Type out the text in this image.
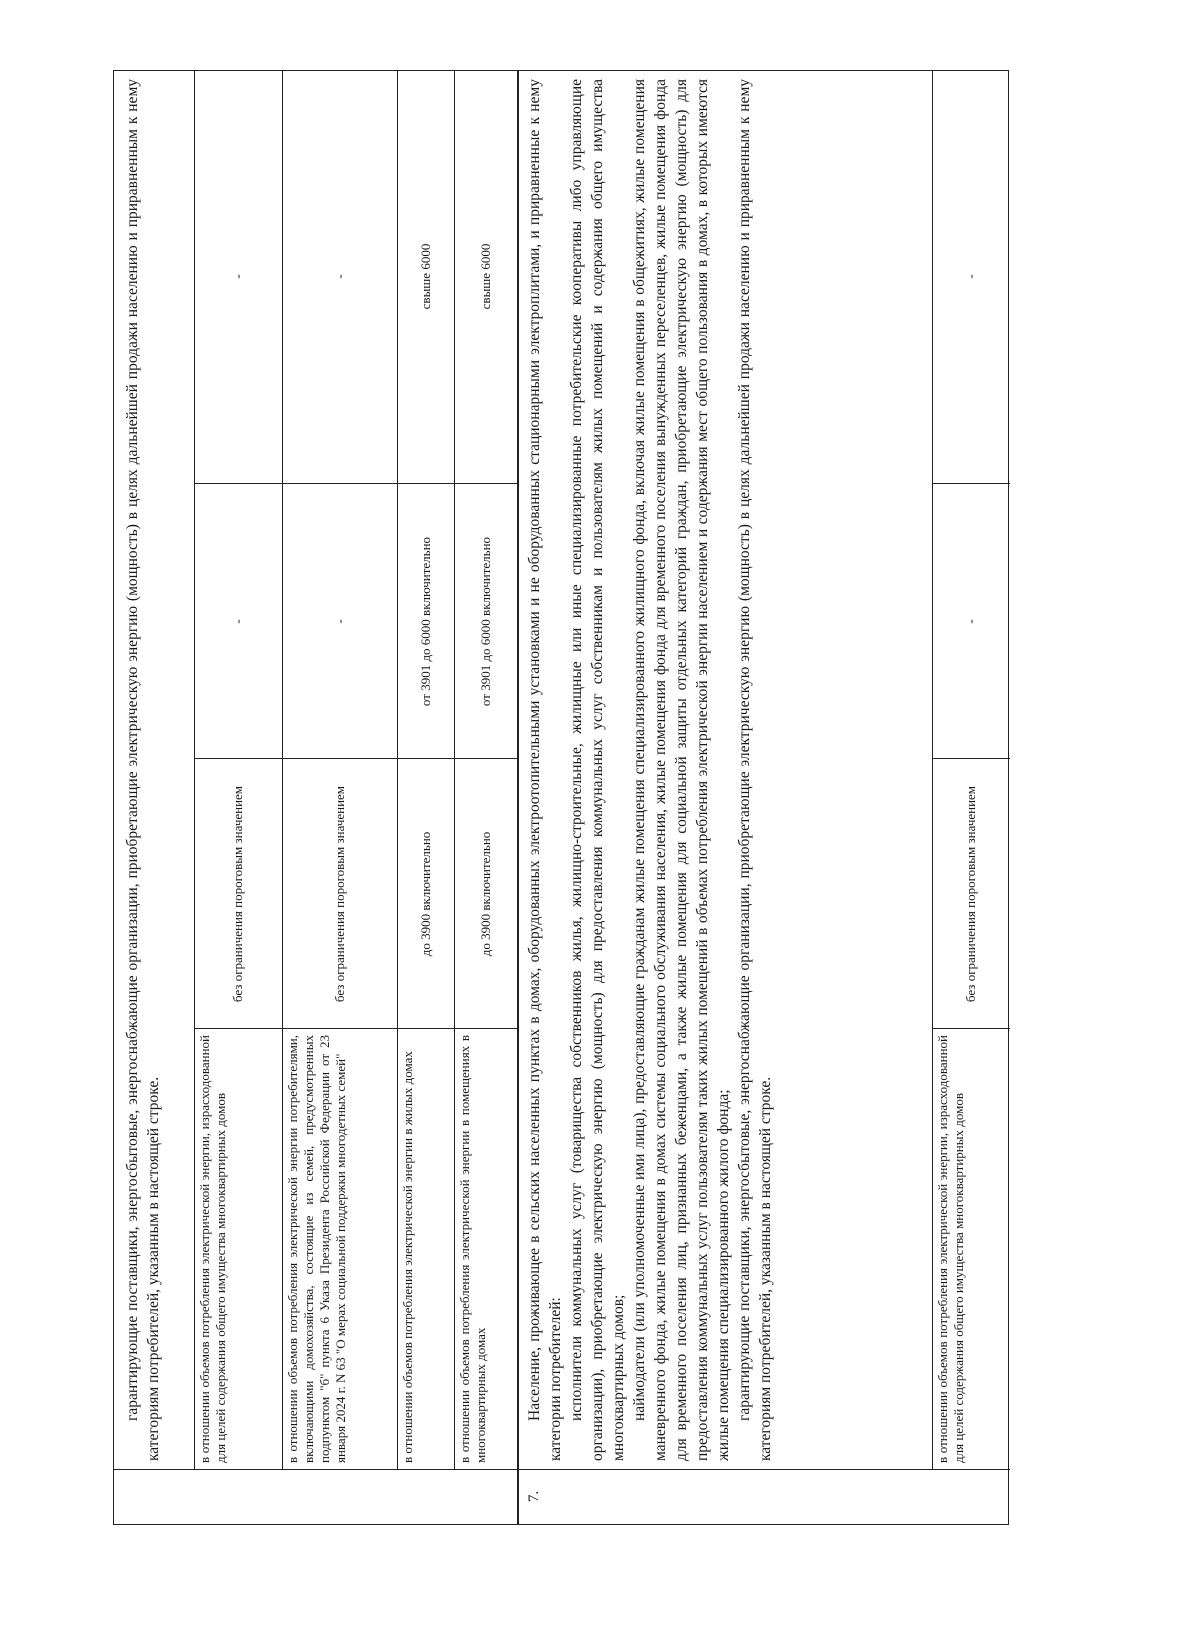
гарантирующие поставщики, энергосбытовые, энергоснабжающие организации, приобретающие электрическую энергию (мощность) в целях дальнейшей продажи населению и приравненным к нему категориям потребителей, указанным в настоящей строке.	в отношении объемов потребления электрической энергии, израсходованной для целей содержания общего имущества многоквартирных домов
без ограничения пороговым значением
-
-
в отношении объемов потребления электрической энергии потребителями, включающими домохозяйства, состоящие из семей, предусмотренных подпунктом "б" пункта 6 Указа Президента Российской Федерации от 23 января 2024 г. N 63 "О мерах социальной поддержки многодетных семей"
без ограничения пороговым значением
-
-
в отношении объемов потребления электрической энергии в жилых домах
до 3900 включительно
от 3901 до 6000 включительно
свыше 6000
в отношении объемов потребления электрической энергии в помещениях в многоквартирных домах
до 3900 включительно
от 3901 до 6000 включительно
свыше 6000
7.

Население, проживающее в сельских населенных пунктах в домах, оборудованных электроотопительными установками и не оборудованных стационарными электроплитами, и приравненные к нему категории потребителей: исполнители коммунальных услуг (товарищества собственников жилья, жилищно-строительные, жилищные или иные специализированные потребительские кооперативы либо управляющие организации), приобретающие электрическую энергию (мощность) для предоставления коммунальных услуг собственникам и пользователям жилых помещений и содержания общего имущества многоквартирных домов; наймодатели (или уполномоченные ими лица), предоставляющие гражданам жилые помещения специализированного жилищного фонда, включая жилые помещения в общежитиях, жилые помещения маневренного фонда, жилые помещения в домах системы социального обслуживания населения, жилые помещения фонда для временного поселения вынужденных переселенцев, жилые помещения фонда для временного поселения лиц, признанных беженцами, а также жилые помещения для социальной защиты отдельных категорий граждан, приобретающие электрическую энергию (мощность) для предоставления коммунальных услуг пользователям таких жилых помещений в объемах потребления электрической энергии населением и содержания мест общего пользования в домах, в которых имеются жилые помещения специализированного жилого фонда; гарантирующие поставщики, энергосбытовые, энергоснабжающие организации, приобретающие электрическую энергию (мощность) в целях дальнейшей продажи населению и приравненным к нему категориям потребителей, указанным в настоящей строке.	в отношении объемов потребления электрической энергии, израсходованной для целей содержания общего имущества многоквартирных домов
без ограничения пороговым значением
-
-
